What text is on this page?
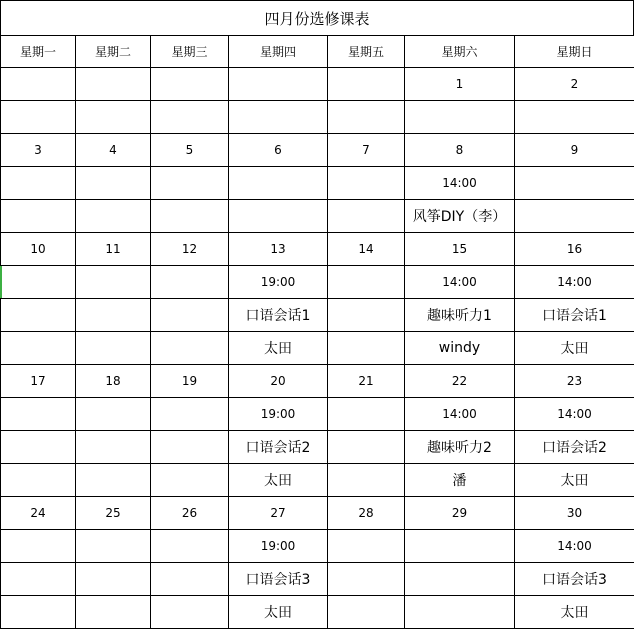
四月份选修课表
星期一	星期二	星期三	星期四	星期五	星期六	星期日
					1	2

3	4	5	6	7	8	9
					14:00	
					风筝DIY（李）	
10	11	12	13	14	15	16
			19:00		14:00	14:00
			口语会话1		趣味听力1	口语会话1
			太田		windy	太田
17	18	19	20	21	22	23
			19:00		14:00	14:00
			口语会话2		趣味听力2	口语会话2
			太田		潘	太田
24	25	26	27	28	29	30
			19:00			14:00
			口语会话3			口语会话3
			太田			太田
